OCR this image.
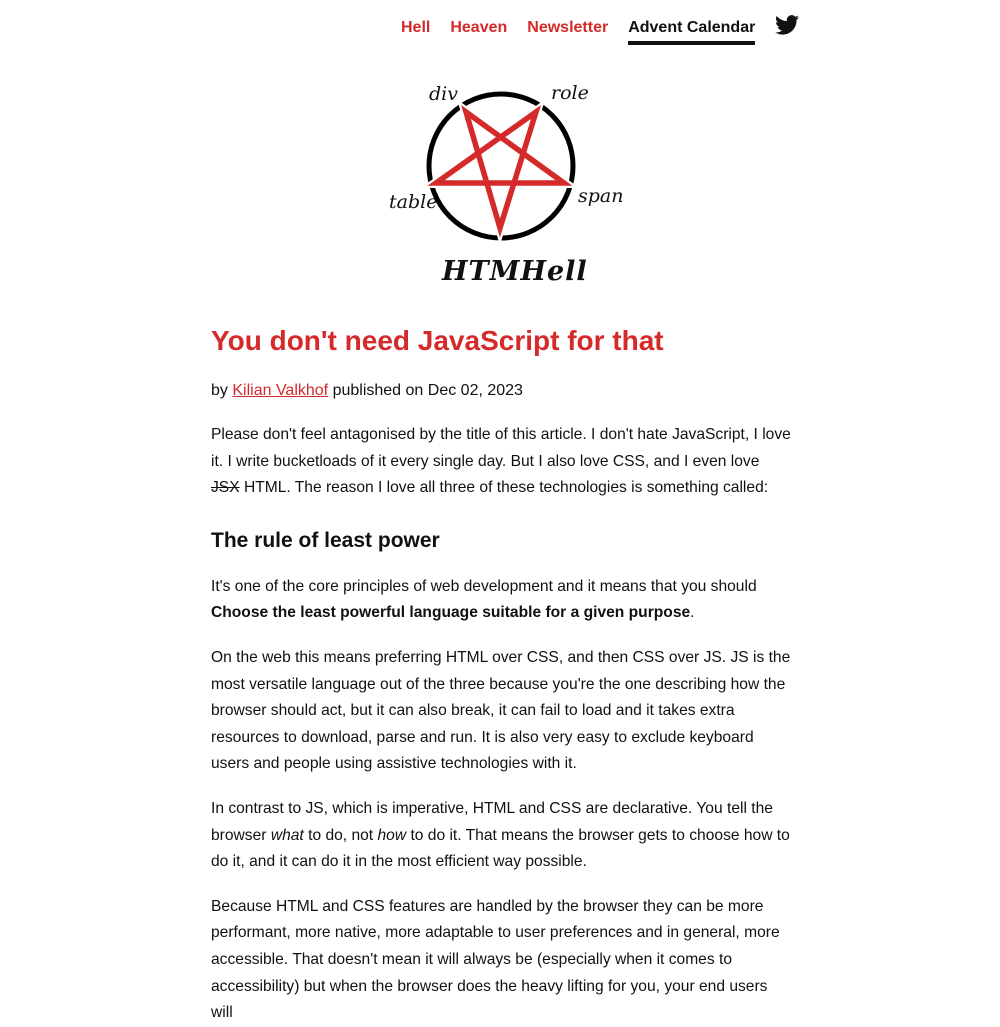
Hell Heaven Newsletter Advent Calendar
div	role
table	span
HTMHell
You don't need JavaScript for that

by Kilian Valkhof published on Dec 02, 2023

Please don't feel antagonised by the title of this article. I don't hate JavaScript, I love it. I write bucketloads of it every single day. But I also love CSS, and I even love JSX HTML. The reason I love all three of these technologies is something called:

The rule of least power

It's one of the core principles of web development and it means that you should Choose the least powerful language suitable for a given purpose.

On the web this means preferring HTML over CSS, and then CSS over JS. JS is the most versatile language out of the three because you're the one describing how the browser should act, but it can also break, it can fail to load and it takes extra resources to download, parse and run. It is also very easy to exclude keyboard users and people using assistive technologies with it.

In contrast to JS, which is imperative, HTML and CSS are declarative. You tell the browser what to do, not how to do it. That means the browser gets to choose how to do it, and it can do it in the most efficient way possible.

Because HTML and CSS features are handled by the browser they can be more performant, more native, more adaptable to user preferences and in general, more accessible. That doesn't mean it will always be (especially when it comes to accessibility) but when the browser does the heavy lifting for you, your end users will
